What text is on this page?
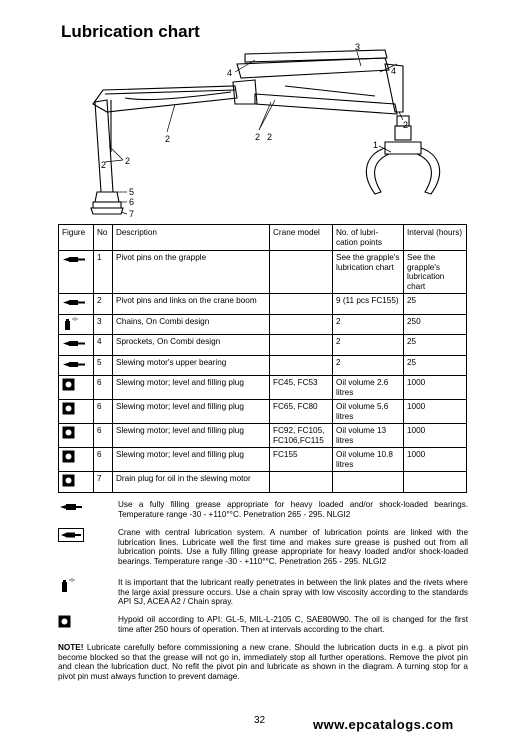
Lubrication chart
3
4	4
2	2 2
2
2
2
1
5
6
7
Figure	No	Description	Crane model	No. of lubri-cation points	Interval (hours)
	1	Pivot pins on the grapple		See the grapple's lubrication chart	See the grapple's lubrication chart
	2	Pivot pins and links on the crane boom		9 (11 pcs FC155)	25
	3	Chains, On Combi design		2	250
	4	Sprockets, On Combi design		2	25
	5	Slewing motor's upper bearing		2	25
	6	Slewing motor; level and filling plug	FC45, FC53	Oil volume 2.6 litres	1000
	6	Slewing motor; level and filling plug	FC65, FC80	Oil volume 5.6 litres	1000
	6	Slewing motor; level and filling plug	FC92, FC105, FC106,FC115	Oil volume 13 litres	1000
	6	Slewing motor; level and filling plug	FC155	Oil volume 10.8 litres	1000
	7	Drain plug for oil in the slewing motor			
Use a fully filling grease appropriate for heavy loaded and/or shock-loaded bearings. Temperature range -30 - +110°°C. Penetration 265 - 295. NLGI2
Crane with central lubrication system. A number of lubrication points are linked with the lubrication lines. Lubricate well the first time and makes sure grease is pushed out from all lubrication points. Use a fully filling grease appropriate for heavy loaded and/or shock-loaded bearings. Temperature range -30 - +110°°C. Penetration 265 - 295. NLGI2
It is important that the lubricant really penetrates in between the link plates and the rivets where the large axial pressure occurs. Use a chain spray with low viscosity according to the standards API SJ, ACEA A2 / Chain spray.
Hypoid oil according to API: GL-5, MIL-L-2105 C, SAE80W90. The oil is changed for the first time after 250 hours of operation. Then at intervals according to the chart.
NOTE! Lubricate carefully before commissioning a new crane. Should the lubrication ducts in e.g. a pivot pin become blocked so that the grease will not go in, immediately stop all further operations. Remove the pivot pin and clean the lubrication duct. No refit the pivot pin and lubricate as shown in the diagram. A turning stop for a pivot pin must always function to prevent damage.
32	www.epcatalogs.com
